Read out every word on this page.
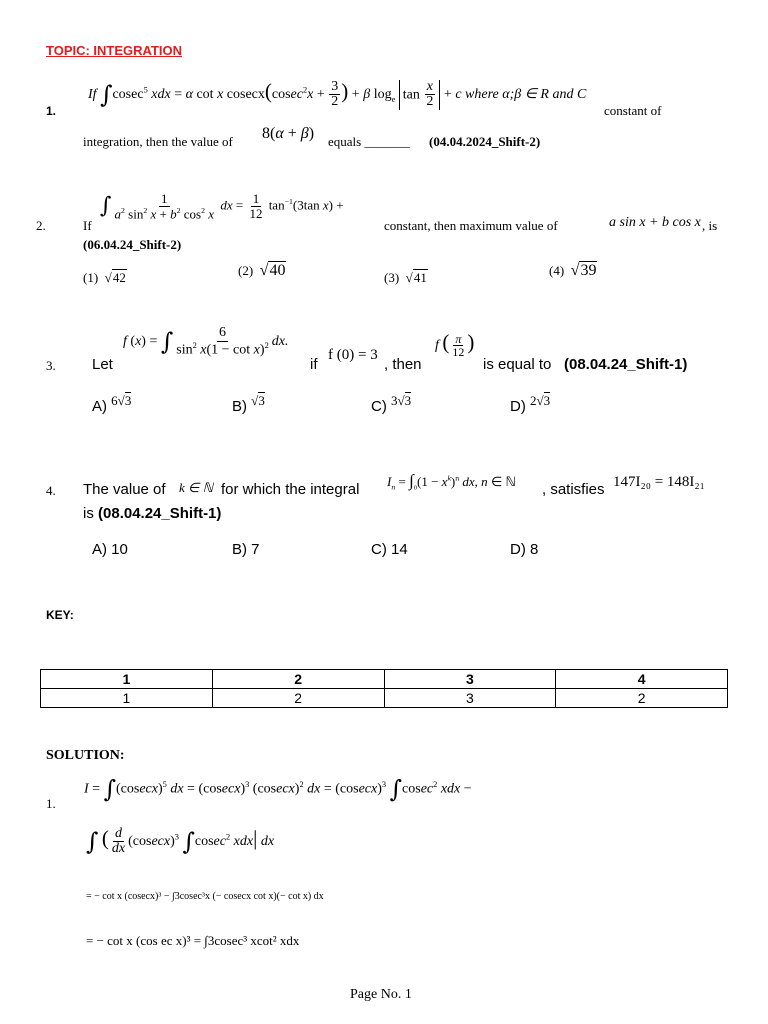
TOPIC: INTEGRATION
1.
If ∫cosec$^5$ xdx = α cot x $cosecx(cosec^2x + \frac{3}{2}$ ) + β $\log_e \tan \frac{x}{2} + c$ where α;β ∈ R and C
constant of
integration, then the value of 8(α + β) equals _______ (04.04.2024_Shift-2)
2.	If
∫ $\frac{1}{a^2 \sin^2 x + b^2 \cos^2 x}$ dx = $\frac{1}{12} \tan^{-1}(3\tan$ x) +
constant, then maximum value of	a sin x + b cos x , is
(06.04.24_Shift-2)
(1) √42	(2) √40	(3) √41	(4) √39
3. Let
f (x) = ∫ $\frac{6}{\sin^2 x(1 - \cot x)^2}$ dx.
if
f (0) = 3
, then
f ( $\frac{\pi}{12}$ )
is equal to (08.04.24_Shift-1)
A) 6√3	B) √3	C) 3√3	D) 2√3
4. The value of k ∈ ℕ for which the integral $I_n = \int_0(1 - x^k)^n$ dx, n ∈ ℕ , satisfies 147I₂₀ = 148I₂₁
is (08.04.24_Shift-1)
A) 10	B) 7	C) 14	D) 8
KEY:
1	2	3	4
1	2	3	2
SOLUTION:
1.
$I = \int(cosecx)^5$ dx = $(cosecx)^3$ $(cosecx)^2$ dx = $(cosecx)^3$ ∫cosec$^2$ xdx −
∫ ( $\frac{d}{dx} (cosecx)^3$ ∫cosec$^2$ xdx| dx
= − cot x (cosecx)³ − ∫3cosec³x (− cosecx cot x)(− cot x) dx
= − cot x (cos ec x)³ = ∫3cosec³ xcot² xdx
Page No. 1
